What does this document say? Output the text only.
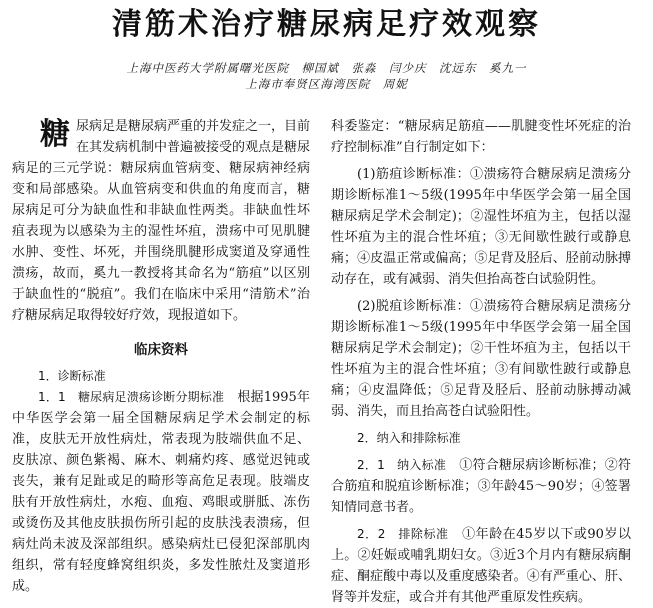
清筋术治疗糖尿病足疗效观察
上海中医药大学附属曙光医院　柳国斌　张淼　闫少庆　沈远东　奚九一
上海市奉贤区海湾医院　周妮

糖 尿病足是糖尿病严重的并发症之一，目前在其发病机制中普遍被接受的观点是糖尿病足的三元学说：糖尿病血管病变、糖尿病神经病变和局部感染。从血管病变和供血的角度而言，糖尿病足可分为缺血性和非缺血性两类。非缺血性坏疽表现为以感染为主的湿性坏疽，溃疡中可见肌腱水肿、变性、坏死，并围绕肌腱形成窦道及穿通性溃疡，故而，奚九一教授将其命名为“筋疽”以区别于缺血性的“脱疽”。我们在临床中采用“清筋术”治疗糖尿病足取得较好疗效，现报道如下。

临床资料

1．诊断标准

1．1　糖尿病足溃疡诊断分期标准　根据1995年中华医学会第一届全国糖尿病足学术会制定的标准，皮肤无开放性病灶，常表现为肢端供血不足、皮肤凉、颜色紫褐、麻木、刺痛灼疼、感觉迟钝或丧失，兼有足趾或足的畸形等高危足表现。肢端皮肤有开放性病灶，水疱、血疱、鸡眼或胼胝、冻伤或烫伤及其他皮肤损伤所引起的皮肤浅表溃疡，但病灶尚未波及深部组织。感染病灶已侵犯深部肌肉组织，常有轻度蜂窝组织炎，多发性脓灶及窦道形成。

科委鉴定：“糖尿病足筋疽——肌腱变性坏死症的治疗控制标准”自行制定如下：

(1)筋疽诊断标准：①溃疡符合糖尿病足溃疡分期诊断标准1～5级(1995年中华医学会第一届全国糖尿病足学术会制定)；②湿性坏疽为主，包括以湿性坏疽为主的混合性坏疽；③无间歇性跛行或静息痛；④皮温正常或偏高；⑤足背及胫后、胫前动脉搏动存在，或有减弱、消失但抬高苍白试验阴性。

(2)脱疽诊断标准：①溃疡符合糖尿病足溃疡分期诊断标准1～5级(1995年中华医学会第一届全国糖尿病足学术会制定)；②干性坏疽为主，包括以干性坏疽为主的混合性坏疽；③有间歇性跛行或静息痛；④皮温降低；⑤足背及胫后、胫前动脉搏动减弱、消失，而且抬高苍白试验阳性。

2．纳入和排除标准

2．1　纳入标准　①符合糖尿病诊断标准；②符合筋疽和脱疽诊断标准；③年龄45～90岁；④签署知情同意书者。

2．2　排除标准　①年龄在45岁以下或90岁以上。②妊娠或哺乳期妇女。③近3个月内有糖尿病酮症、酮症酸中毒以及重度感染者。④有严重心、肝、肾等并发症，或合并有其他严重原发性疾病。
